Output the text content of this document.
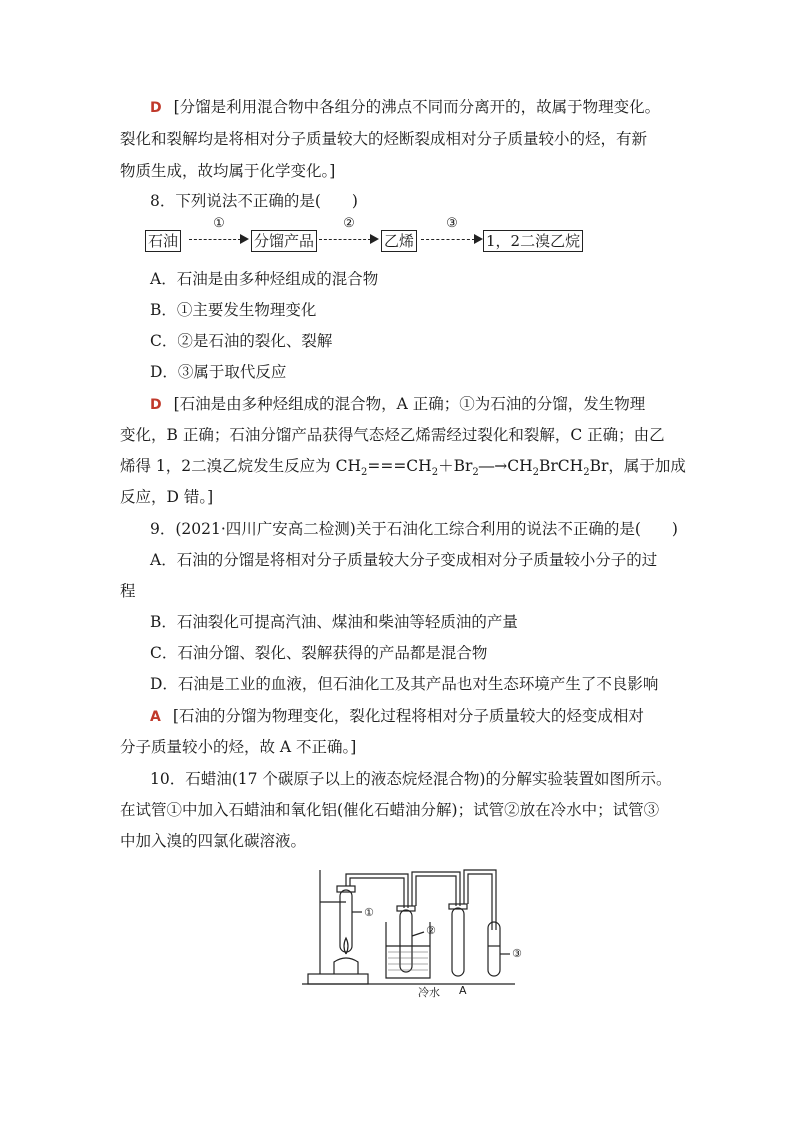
D [分馏是利用混合物中各组分的沸点不同而分离开的，故属于物理变化。
裂化和裂解均是将相对分子质量较大的烃断裂成相对分子质量较小的烃，有新
物质生成，故均属于化学变化。]
8．下列说法不正确的是(　　)
石油
①
分馏产品
②
乙烯
③
1，2二溴乙烷
A．石油是由多种烃组成的混合物
B．①主要发生物理变化
C．②是石油的裂化、裂解
D．③属于取代反应
D [石油是由多种烃组成的混合物，A 正确；①为石油的分馏，发生物理
变化，B 正确；石油分馏产品获得气态烃乙烯需经过裂化和裂解，C 正确；由乙
烯得 1，2二溴乙烷发生反应为 $CH_2===CH_2+Br_2―\to CH_2BrCH_2Br$，属于加成
反应，D 错。]
9．(2021·四川广安高二检测)关于石油化工综合利用的说法不正确的是(　　)
A．石油的分馏是将相对分子质量较大分子变成相对分子质量较小分子的过
程
B．石油裂化可提高汽油、煤油和柴油等轻质油的产量
C．石油分馏、裂化、裂解获得的产品都是混合物
D．石油是工业的血液，但石油化工及其产品也对生态环境产生了不良影响
A [石油的分馏为物理变化，裂化过程将相对分子质量较大的烃变成相对
分子质量较小的烃，故 A 不正确。]
10．石蜡油(17 个碳原子以上的液态烷烃混合物)的分解实验装置如图所示。
在试管①中加入石蜡油和氧化铝(催化石蜡油分解)；试管②放在冷水中；试管③
中加入溴的四氯化碳溶液。
①
②
③
冷水 A
